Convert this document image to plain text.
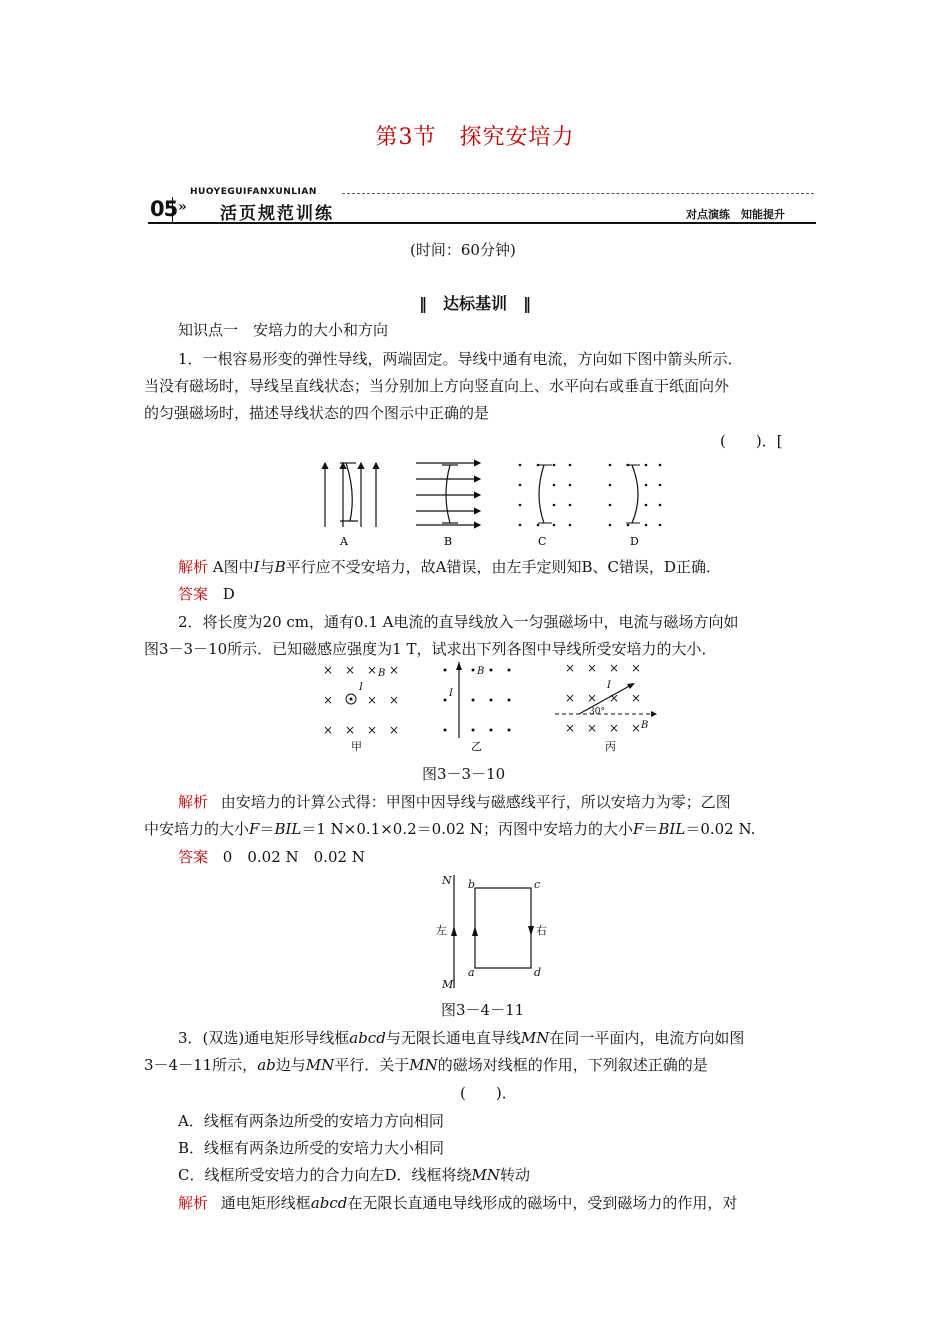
第3节　探究安培力
HUOYEGUIFANXUNLIAN
05 » 活页规范训练	对点演练　知能提升
(时间：60分钟)
‖　达标基训　‖
知识点一　安培力的大小和方向
1．一根容易形变的弹性导线，两端固定。导线中通有电流，方向如下图中箭头所示．
当没有磁场时，导线呈直线状态；当分别加上方向竖直向上、水平向右或垂直于纸面向外
的匀强磁场时，描述导线状态的四个图示中正确的是
(　　)．[
A	B	C	D
解析 A图中I与B平行应不受安培力，故A错误，由左手定则知B、C错误，D正确．
答案 D
2．将长度为20 cm，通有0.1 A电流的直导线放入一匀强磁场中，电流与磁场方向如
图3－3－10所示．已知磁感应强度为1 T，试求出下列各图中导线所受安培力的大小．
× × × ×
B
×	× ×
I
× × × ×
甲
B
I
乙
× × × ×
× × × ×
× × × × B
I
30°
丙
图3－3－10
解析 由安培力的计算公式得：甲图中因导线与磁感线平行，所以安培力为零；乙图
中安培力的大小F＝BIL＝1 N×0.1×0.2＝0.02 N；丙图中安培力的大小F＝BIL＝0.02 N.
答案 0　0.02 N　0.02 N
N
M
b	c
a	d
左	右
图3－4－11
3．(双选)通电矩形导线框abcd与无限长通电直导线MN在同一平面内，电流方向如图
3－4－11所示，ab边与MN平行．关于MN的磁场对线框的作用，下列叙述正确的是
(　　)．
A．线框有两条边所受的安培力方向相同
B．线框有两条边所受的安培力大小相同
C．线框所受安培力的合力向左D．线框将绕MN转动
解析 通电矩形线框abcd在无限长直通电导线形成的磁场中，受到磁场力的作用，对
